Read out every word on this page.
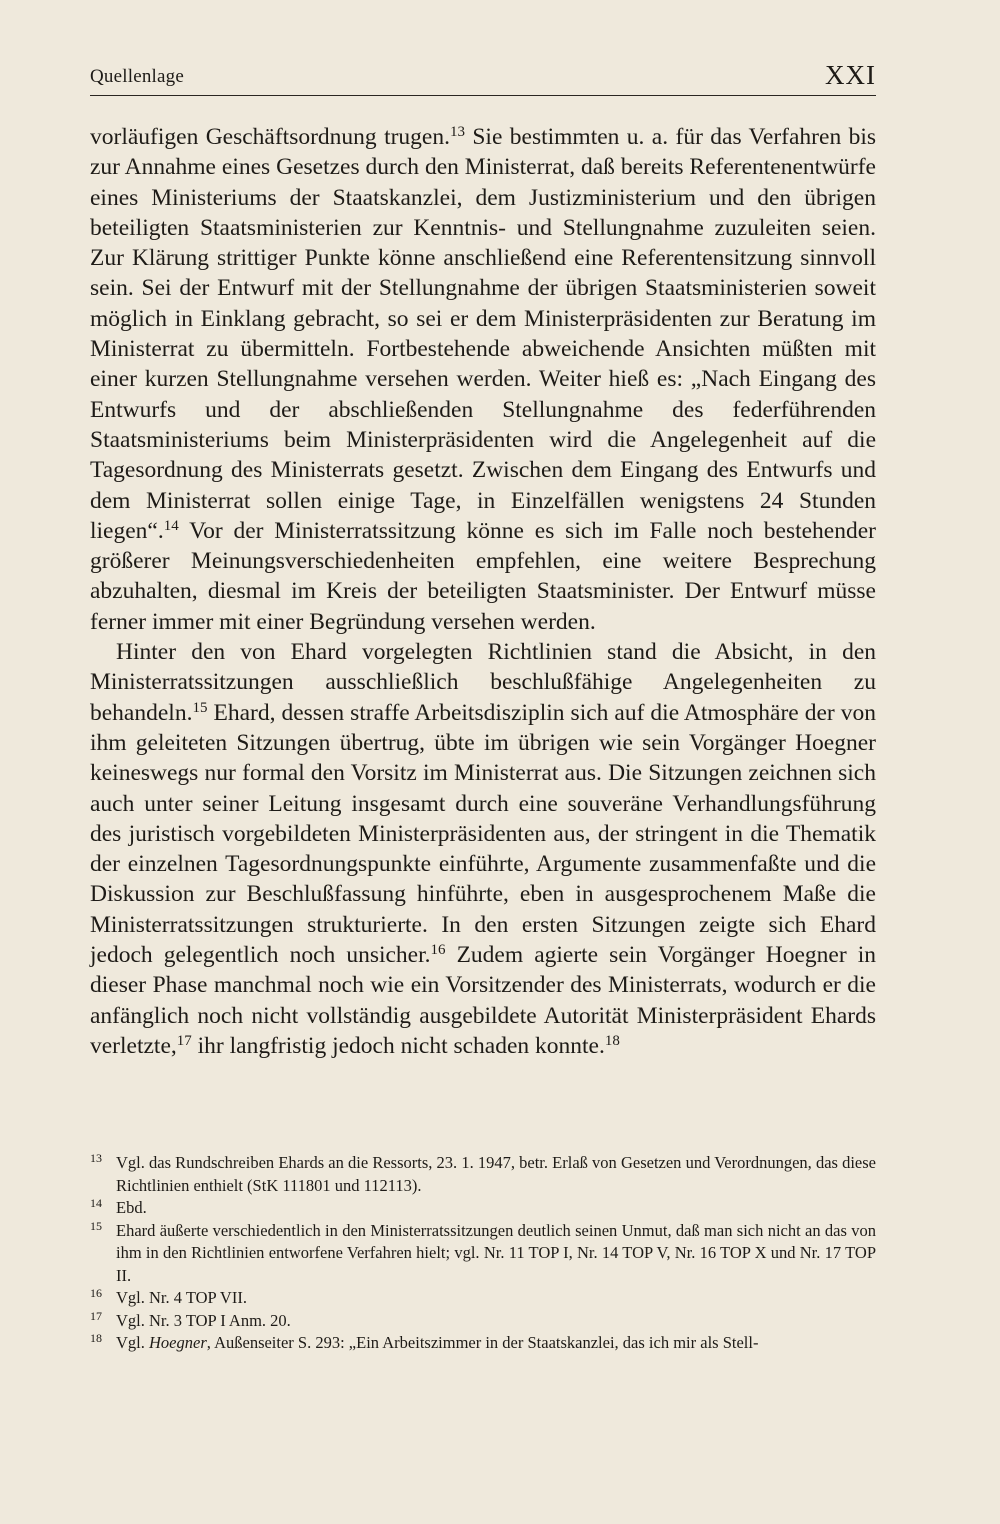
Quellenlage	XXI

vorläufigen Geschäftsordnung trugen.$^{13}$ Sie bestimmten u. a. für das Verfahren bis zur Annahme eines Gesetzes durch den Ministerrat, daß bereits Referentenentwürfe eines Ministeriums der Staatskanzlei, dem Justizministerium und den übrigen beteiligten Staatsministerien zur Kenntnis- und Stellungnahme zuzuleiten seien. Zur Klärung strittiger Punkte könne anschließend eine Referentensitzung sinnvoll sein. Sei der Entwurf mit der Stellungnahme der übrigen Staatsministerien soweit möglich in Einklang gebracht, so sei er dem Ministerpräsidenten zur Beratung im Ministerrat zu übermitteln. Fortbestehende abweichende Ansichten müßten mit einer kurzen Stellungnahme versehen werden. Weiter hieß es: „Nach Eingang des Entwurfs und der abschließenden Stellungnahme des federführenden Staatsministeriums beim Ministerpräsidenten wird die Angelegenheit auf die Tagesordnung des Ministerrats gesetzt. Zwischen dem Eingang des Entwurfs und dem Ministerrat sollen einige Tage, in Einzelfällen wenigstens 24 Stunden liegen“.$^{14}$ Vor der Ministerratssitzung könne es sich im Falle noch bestehender größerer Meinungsverschiedenheiten empfehlen, eine weitere Besprechung abzuhalten, diesmal im Kreis der beteiligten Staatsminister. Der Entwurf müsse ferner immer mit einer Begründung versehen werden.

Hinter den von Ehard vorgelegten Richtlinien stand die Absicht, in den Ministerratssitzungen ausschließlich beschlußfähige Angelegenheiten zu behandeln.$^{15}$ Ehard, dessen straffe Arbeitsdisziplin sich auf die Atmosphäre der von ihm geleiteten Sitzungen übertrug, übte im übrigen wie sein Vorgänger Hoegner keineswegs nur formal den Vorsitz im Ministerrat aus. Die Sitzungen zeichnen sich auch unter seiner Leitung insgesamt durch eine souveräne Verhandlungsführung des juristisch vorgebildeten Ministerpräsidenten aus, der stringent in die Thematik der einzelnen Tagesordnungspunkte einführte, Argumente zusammenfaßte und die Diskussion zur Beschlußfassung hinführte, eben in ausgesprochenem Maße die Ministerratssitzungen strukturierte. In den ersten Sitzungen zeigte sich Ehard jedoch gelegentlich noch unsicher.$^{16}$ Zudem agierte sein Vorgänger Hoegner in dieser Phase manchmal noch wie ein Vorsitzender des Ministerrats, wodurch er die anfänglich noch nicht vollständig ausgebildete Autorität Ministerpräsident Ehards verletzte,$^{17}$ ihr langfristig jedoch nicht schaden konnte.$^{18}$

13 Vgl. das Rundschreiben Ehards an die Ressorts, 23. 1. 1947, betr. Erlaß von Gesetzen und Verordnungen, das diese Richtlinien enthielt (StK 111801 und 112113).
14 Ebd.
15 Ehard äußerte verschiedentlich in den Ministerratssitzungen deutlich seinen Unmut, daß man sich nicht an das von ihm in den Richtlinien entworfene Verfahren hielt; vgl. Nr. 11 TOP I, Nr. 14 TOP V, Nr. 16 TOP X und Nr. 17 TOP II.
16 Vgl. Nr. 4 TOP VII.
17 Vgl. Nr. 3 TOP I Anm. 20.
18 Vgl. Hoegner, Außenseiter S. 293: „Ein Arbeitszimmer in der Staatskanzlei, das ich mir als Stell-
